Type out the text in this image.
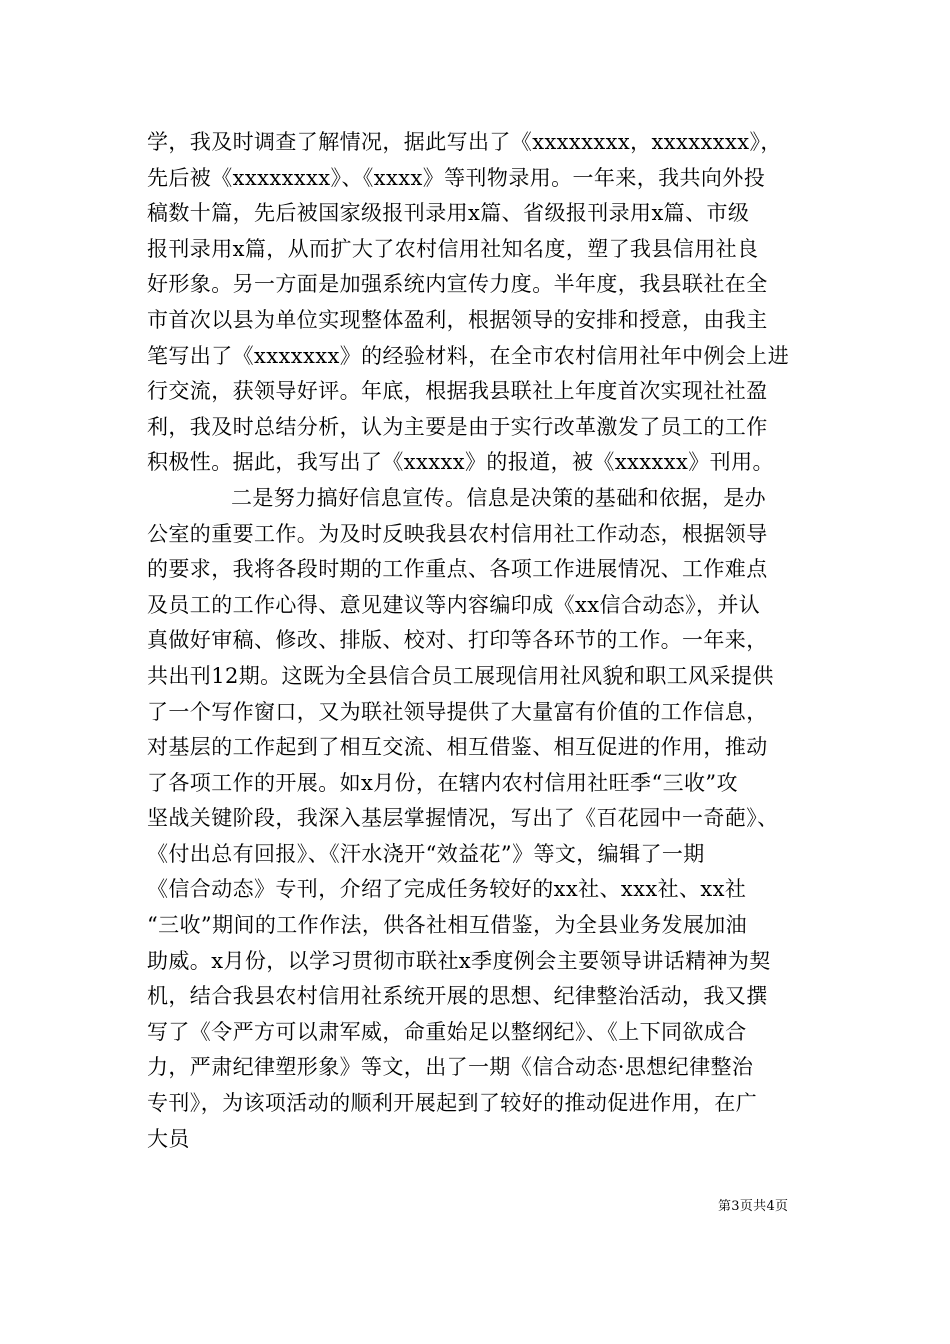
学，我及时调查了解情况，据此写出了《xxxxxxxx，xxxxxxxx》，
先后被《xxxxxxxx》、《xxxx》等刊物录用。一年来，我共向外投
稿数十篇，先后被国家级报刊录用x篇、省级报刊录用x篇、市级
报刊录用x篇，从而扩大了农村信用社知名度，塑了我县信用社良
好形象。另一方面是加强系统内宣传力度。半年度，我县联社在全
市首次以县为单位实现整体盈利，根据领导的安排和授意，由我主
笔写出了《xxxxxxx》的经验材料，在全市农村信用社年中例会上进
行交流，获领导好评。年底，根据我县联社上年度首次实现社社盈
利，我及时总结分析，认为主要是由于实行改革激发了员工的工作
积极性。据此，我写出了《xxxxx》的报道，被《xxxxxx》刊用。
二是努力搞好信息宣传。信息是决策的基础和依据，是办
公室的重要工作。为及时反映我县农村信用社工作动态，根据领导
的要求，我将各段时期的工作重点、各项工作进展情况、工作难点
及员工的工作心得、意见建议等内容编印成《xx信合动态》，并认
真做好审稿、修改、排版、校对、打印等各环节的工作。一年来，
共出刊12期。这既为全县信合员工展现信用社风貌和职工风采提供
了一个写作窗口，又为联社领导提供了大量富有价值的工作信息，
对基层的工作起到了相互交流、相互借鉴、相互促进的作用，推动
了各项工作的开展。如x月份，在辖内农村信用社旺季“三收”攻
坚战关键阶段，我深入基层掌握情况，写出了《百花园中一奇葩》、
《付出总有回报》、《汗水浇开“效益花”》等文，编辑了一期
《信合动态》专刊，介绍了完成任务较好的xx社、xxx社、xx社
“三收”期间的工作作法，供各社相互借鉴，为全县业务发展加油
助威。x月份，以学习贯彻市联社x季度例会主要领导讲话精神为契
机，结合我县农村信用社系统开展的思想、纪律整治活动，我又撰
写了《令严方可以肃军威，命重始足以整纲纪》、《上下同欲成合
力，严肃纪律塑形象》等文，出了一期《信合动态·思想纪律整治
专刊》，为该项活动的顺利开展起到了较好的推动促进作用，在广
大员
第3页共4页
